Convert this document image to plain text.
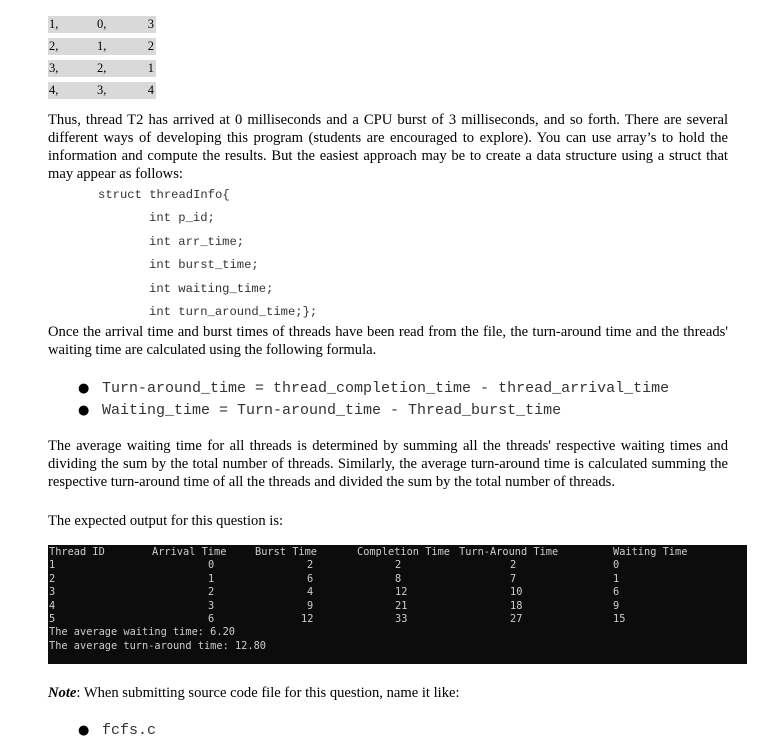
1,	0,	3
2,	1,	2
3,	2,	1
4,	3,	4

Thus, thread T2 has arrived at 0 milliseconds and a CPU burst of 3 milliseconds, and so forth. There are several different ways of developing this program (students are encouraged to explore). You can use array’s to hold the information and compute the results. But the easiest approach may be to create a data structure using a struct that may appear as follows:

struct threadInfo{
int p_id;
int arr_time;
int burst_time;
int waiting_time;
int turn_around_time;};

Once the arrival time and burst times of threads have been read from the file, the turn-around time and the threads' waiting time are calculated using the following formula.

● Turn-around_time = thread_completion_time - thread_arrival_time
● Waiting_time = Turn-around_time - Thread_burst_time

The average waiting time for all threads is determined by summing all the threads' respective waiting times and dividing the sum by the total number of threads. Similarly, the average turn-around time is calculated summing the respective turn-around time of all the threads and divided the sum by the total number of threads.

The expected output for this question is:

Thread ID	Arrival Time	Burst Time	Completion Time Turn-Around Time	Waiting Time
1	0	2	2	2	0
2	1	6	8	7	1
3	2	4	12	10	6
4	3	9	21	18	9
5	6	12	33	27	15
The average waiting time: 6.20
The average turn-around time: 12.80

Note: When submitting source code file for this question, name it like:

● fcfs.c
